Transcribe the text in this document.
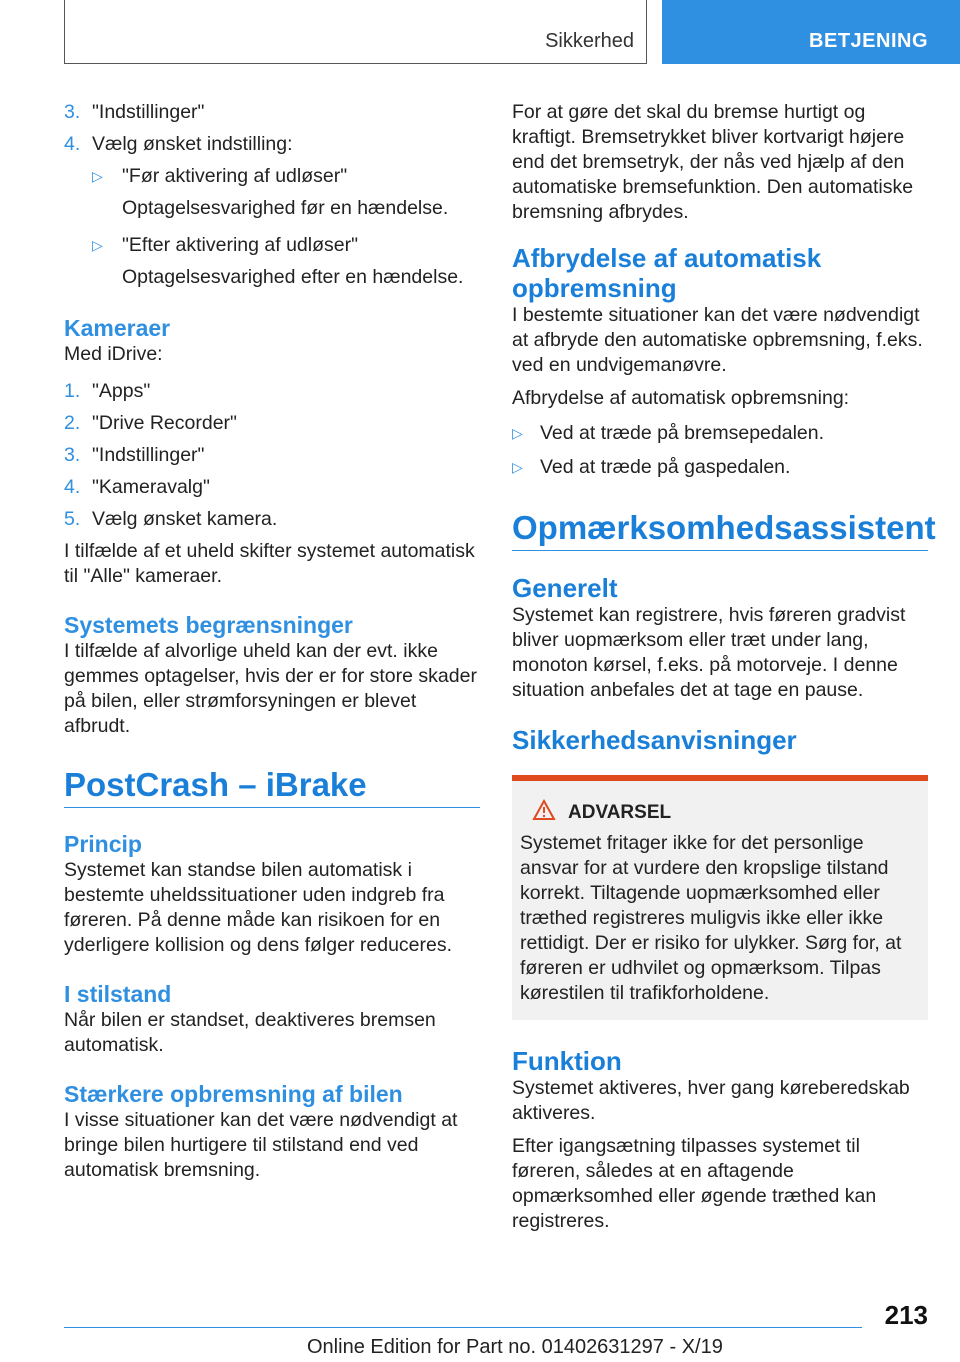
Sikkerhed	BETJENING
3. "Indstillinger"
4. Vælg ønsket indstilling:
▷ "Før aktivering af udløser"
Optagelsesvarighed før en hændelse.
▷ "Efter aktivering af udløser"
Optagelsesvarighed efter en hændelse.
Kameraer

Med iDrive:

1. "Apps"
2. "Drive Recorder"
3. "Indstillinger"
4. "Kameravalg"
5. Vælg ønsket kamera.

I tilfælde af et uheld skifter systemet automatisk til "Alle" kameraer.

Systemets begrænsninger

I tilfælde af alvorlige uheld kan der evt. ikke gemmes optagelser, hvis der er for store skader på bilen, eller strømforsyningen er blevet afbrudt.

PostCrash – iBrake
Princip

Systemet kan standse bilen automatisk i bestemte uheldssituationer uden indgreb fra føreren. På denne måde kan risikoen for en yderligere kollision og dens følger reduceres.

I stilstand

Når bilen er standset, deaktiveres bremsen automatisk.

Stærkere opbremsning af bilen

I visse situationer kan det være nødvendigt at bringe bilen hurtigere til stilstand end ved automatisk bremsning.

For at gøre det skal du bremse hurtigt og kraftigt. Bremsetrykket bliver kortvarigt højere end det bremsetryk, der nås ved hjælp af den automatiske bremsefunktion. Den automatiske bremsning afbrydes.

Afbrydelse af automatisk opbremsning

I bestemte situationer kan det være nødvendigt at afbryde den automatiske opbremsning, f.eks. ved en undvigemanøvre.

Afbrydelse af automatisk opbremsning:

▷ Ved at træde på bremsepedalen.
▷ Ved at træde på gaspedalen.
Opmærksomhedsassistent
Generelt

Systemet kan registrere, hvis føreren gradvist bliver uopmærksom eller træt under lang, monoton kørsel, f.eks. på motorveje. I denne situation anbefales det at tage en pause.

Sikkerhedsanvisninger
ADVARSEL

Systemet fritager ikke for det personlige ansvar for at vurdere den kropslige tilstand korrekt. Tiltagende uopmærksomhed eller træthed registreres muligvis ikke eller ikke rettidigt. Der er risiko for ulykker. Sørg for, at føreren er udhvilet og opmærksom. Tilpas kørestilen til trafikforholdene.

Funktion

Systemet aktiveres, hver gang køreberedskab aktiveres.

Efter igangsætning tilpasses systemet til føreren, således at en aftagende opmærksomhed eller øgende træthed kan registreres.

213
Online Edition for Part no. 01402631297 - X/19
